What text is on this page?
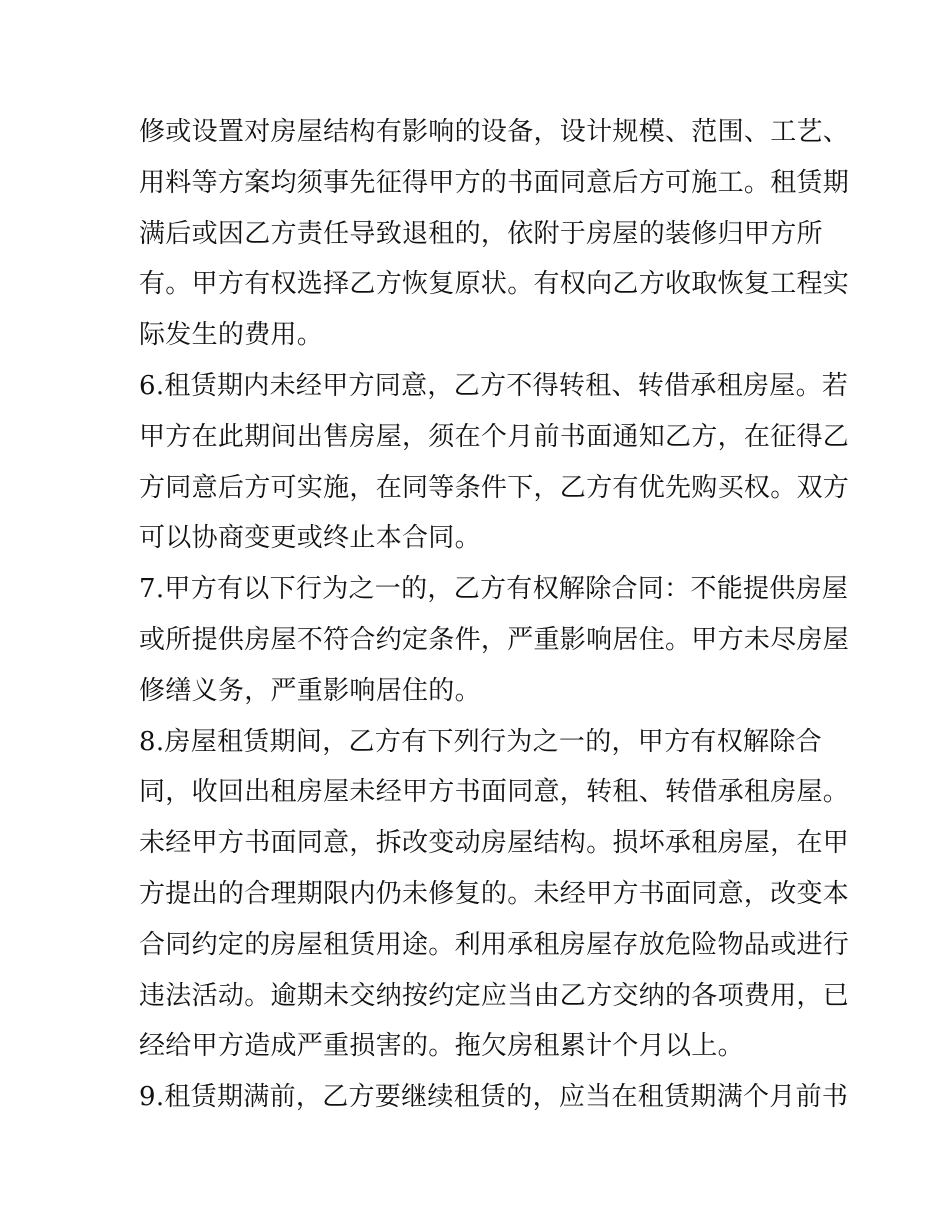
修或设置对房屋结构有影响的设备，设计规模、范围、工艺、
用料等方案均须事先征得甲方的书面同意后方可施工。租赁期
满后或因乙方责任导致退租的，依附于房屋的装修归甲方所
有。甲方有权选择乙方恢复原状。有权向乙方收取恢复工程实
际发生的费用。
6.租赁期内未经甲方同意，乙方不得转租、转借承租房屋。若
甲方在此期间出售房屋，须在个月前书面通知乙方，在征得乙
方同意后方可实施，在同等条件下，乙方有优先购买权。双方
可以协商变更或终止本合同。
7.甲方有以下行为之一的，乙方有权解除合同：不能提供房屋
或所提供房屋不符合约定条件，严重影响居住。甲方未尽房屋
修缮义务，严重影响居住的。
8.房屋租赁期间，乙方有下列行为之一的，甲方有权解除合
同，收回出租房屋未经甲方书面同意，转租、转借承租房屋。
未经甲方书面同意，拆改变动房屋结构。损坏承租房屋，在甲
方提出的合理期限内仍未修复的。未经甲方书面同意，改变本
合同约定的房屋租赁用途。利用承租房屋存放危险物品或进行
违法活动。逾期未交纳按约定应当由乙方交纳的各项费用，已
经给甲方造成严重损害的。拖欠房租累计个月以上。
9.租赁期满前，乙方要继续租赁的，应当在租赁期满个月前书
